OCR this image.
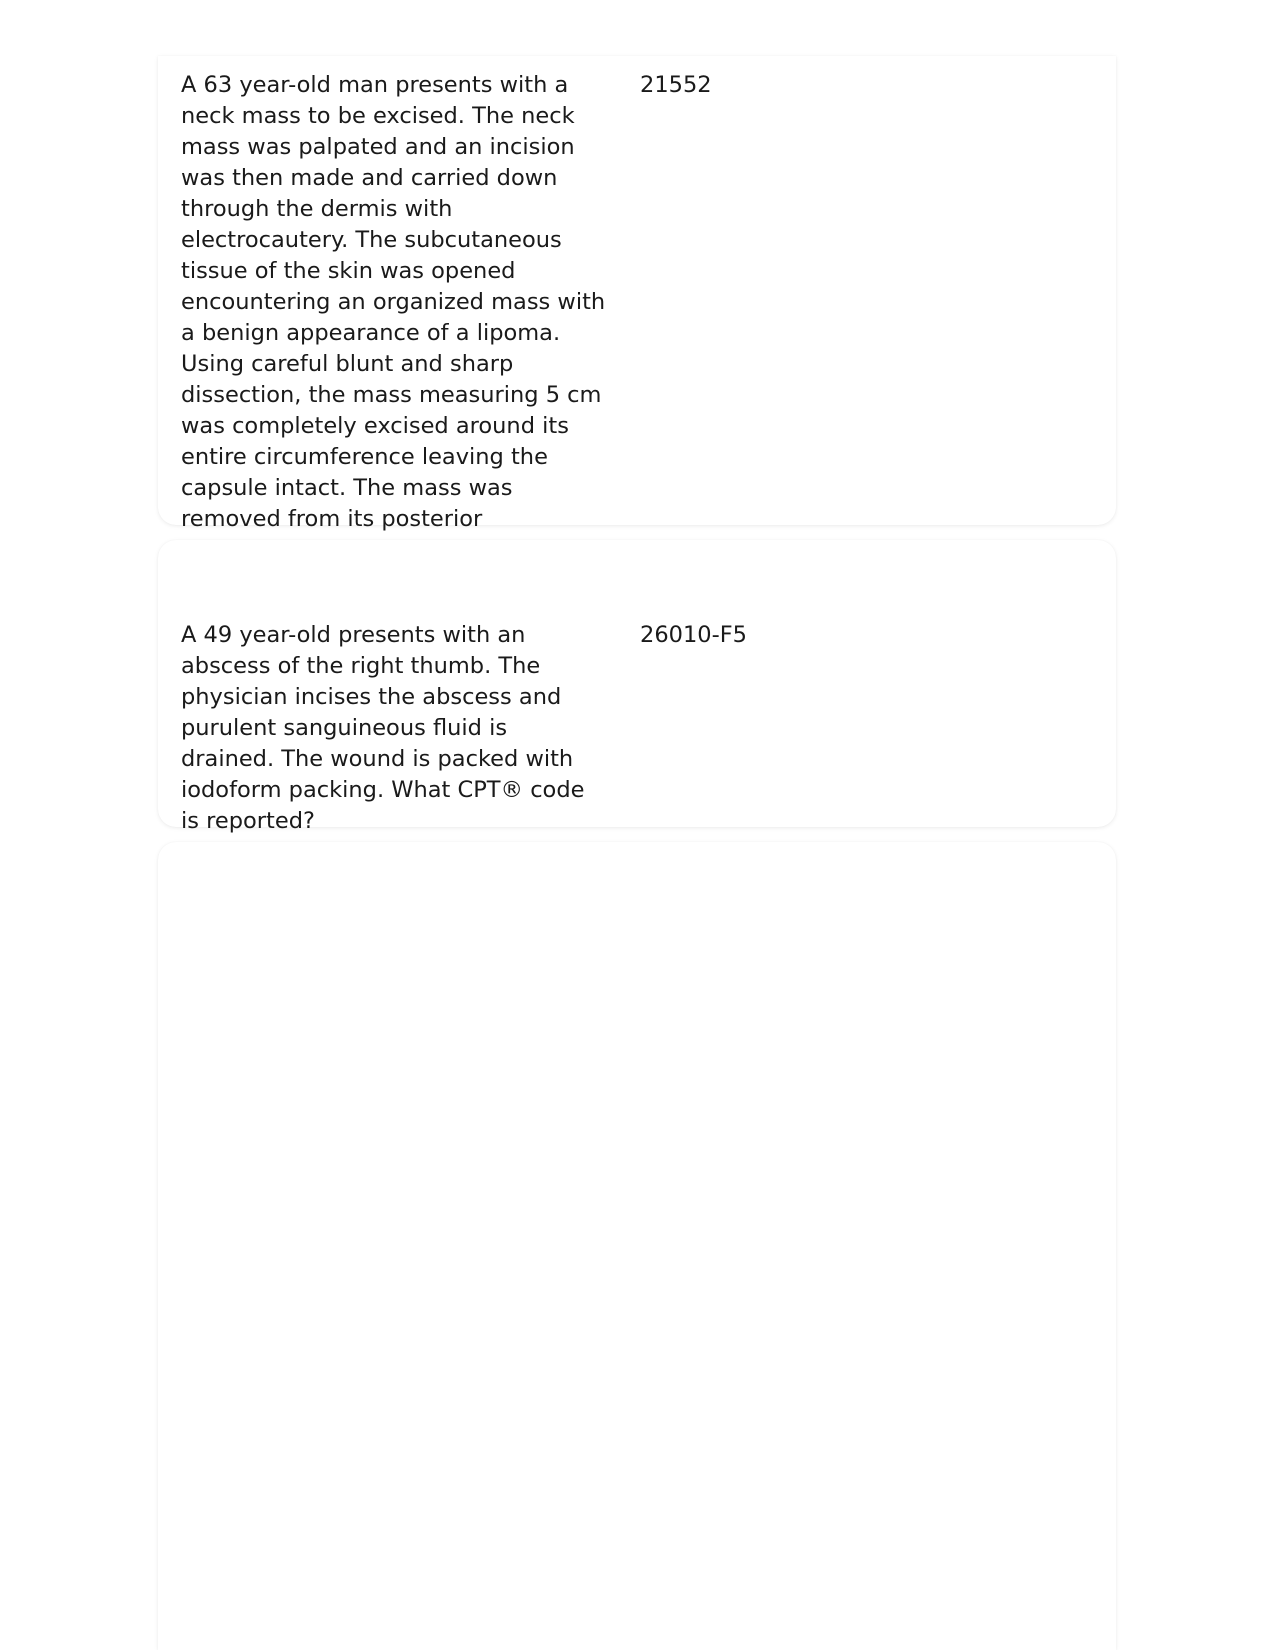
A 63 year-old man presents with a neck mass to be excised. The neck mass was palpated and an incision was then made and carried down through the dermis with electrocautery. The subcutaneous tissue of the skin was opened encountering an organized mass with a benign appearance of a lipoma. Using careful blunt and sharp dissection, the mass measuring 5 cm was completely excised around its entire circumference leaving the capsule intact. The mass was removed from its posterior

21552

A 49 year-old presents with an abscess of the right thumb. The physician incises the abscess and purulent sanguineous fluid is drained. The wound is packed with iodoform packing. What CPT® code is reported?

26010-F5
